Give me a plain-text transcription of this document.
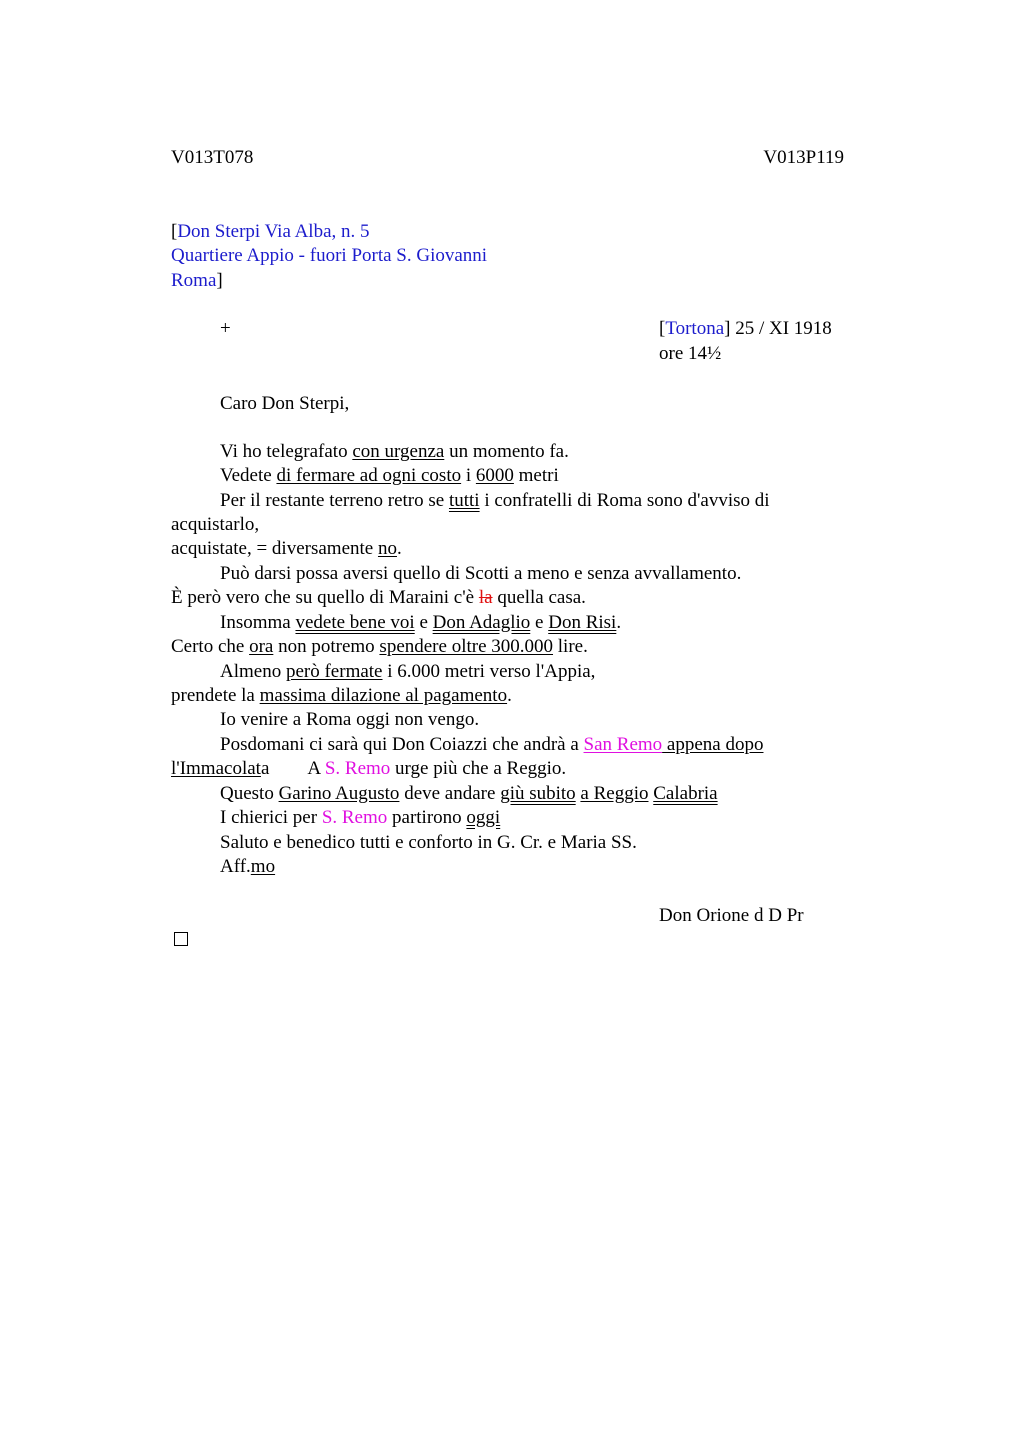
V013T078	V013P119
[Don Sterpi Via Alba, n. 5
Quartiere Appio - fuori Porta S. Giovanni
Roma]
+	[Tortona] 25 / XI 1918
ore 14½
Caro Don Sterpi,
Vi ho telegrafato con urgenza un momento fa.
Vedete di fermare ad ogni costo i 6000 metri
Per il restante terreno retro se tutti i confratelli di Roma sono d'avviso di
acquistarlo,
acquistate, = diversamente no.
Può darsi possa aversi quello di Scotti a meno e senza avvallamento.
È però vero che su quello di Maraini c'è la quella casa.
Insomma vedete bene voi e Don Adaglio e Don Risi.
Certo che ora non potremo spendere oltre 300.000 lire.
Almeno però fermate i 6.000 metri verso l'Appia,
prendete la massima dilazione al pagamento.
Io venire a Roma oggi non vengo.
Posdomani ci sarà qui Don Coiazzi che andrà a San Remo appena dopo
l'Immacolata A S. Remo urge più che a Reggio.
Questo Garino Augusto deve andare giù subito a Reggio Calabria
I chierici per S. Remo partirono oggi
Saluto e benedico tutti e conforto in G. Cr. e Maria SS.
Aff.mo
Don Orione d D Pr
